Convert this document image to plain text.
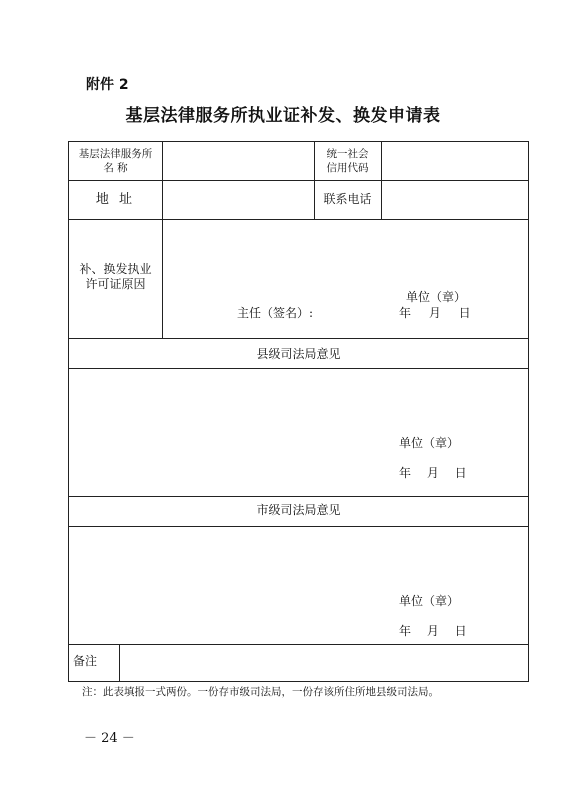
附件 2
基层法律服务所执业证补发、换发申请表
基层法律服务所
名 称
统一社会
信用代码
地 址	联系电话
补、换发执业
许可证原因
主任（签名）:
单位（章）
年 月 日
县级司法局意见
单位（章）
年 月 日
市级司法局意见
单位（章）
年 月 日
备注
注：此表填报一式两份。一份存市级司法局，一份存该所住所地县级司法局。
－ 24 －
